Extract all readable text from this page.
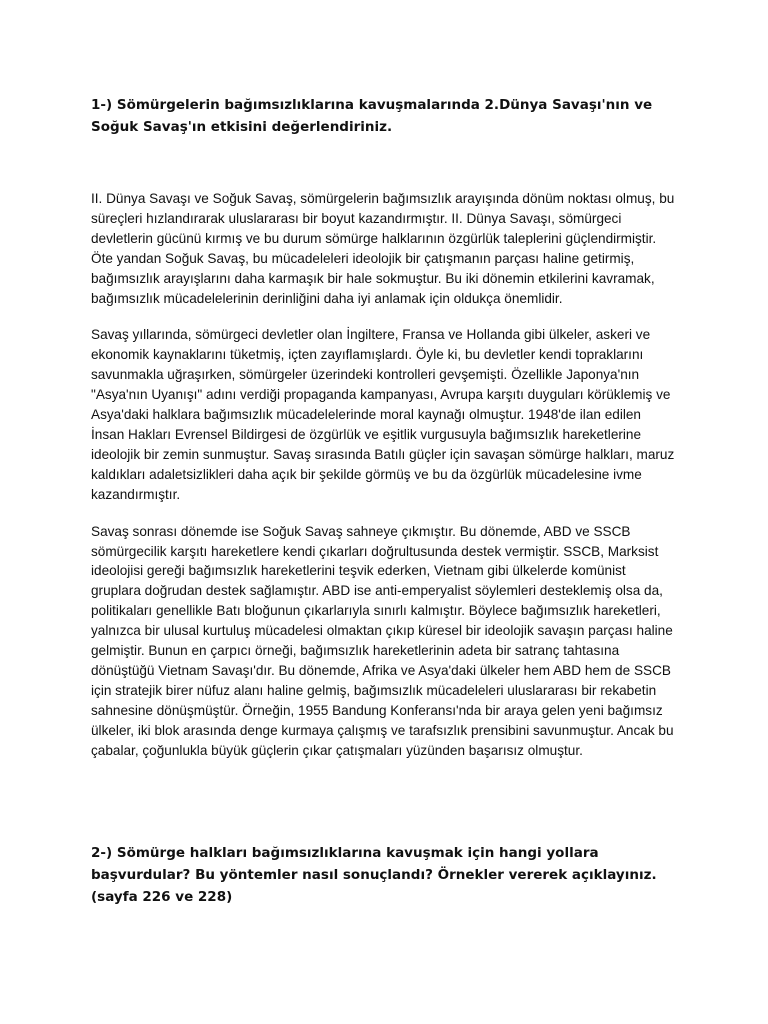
1-) Sömürgelerin bağımsızlıklarına kavuşmalarında 2.Dünya Savaşı'nın ve Soğuk Savaş'ın etkisini değerlendiriniz.

II. Dünya Savaşı ve Soğuk Savaş, sömürgelerin bağımsızlık arayışında dönüm noktası olmuş, bu süreçleri hızlandırarak uluslararası bir boyut kazandırmıştır. II. Dünya Savaşı, sömürgeci devletlerin gücünü kırmış ve bu durum sömürge halklarının özgürlük taleplerini güçlendirmiştir. Öte yandan Soğuk Savaş, bu mücadeleleri ideolojik bir çatışmanın parçası haline getirmiş, bağımsızlık arayışlarını daha karmaşık bir hale sokmuştur. Bu iki dönemin etkilerini kavramak, bağımsızlık mücadelelerinin derinliğini daha iyi anlamak için oldukça önemlidir.

Savaş yıllarında, sömürgeci devletler olan İngiltere, Fransa ve Hollanda gibi ülkeler, askeri ve ekonomik kaynaklarını tüketmiş, içten zayıflamışlardı. Öyle ki, bu devletler kendi topraklarını savunmakla uğraşırken, sömürgeler üzerindeki kontrolleri gevşemişti. Özellikle Japonya'nın "Asya'nın Uyanışı" adını verdiği propaganda kampanyası, Avrupa karşıtı duyguları körüklemiş ve Asya'daki halklara bağımsızlık mücadelelerinde moral kaynağı olmuştur. 1948'de ilan edilen İnsan Hakları Evrensel Bildirgesi de özgürlük ve eşitlik vurgusuyla bağımsızlık hareketlerine ideolojik bir zemin sunmuştur. Savaş sırasında Batılı güçler için savaşan sömürge halkları, maruz kaldıkları adaletsizlikleri daha açık bir şekilde görmüş ve bu da özgürlük mücadelesine ivme kazandırmıştır.

Savaş sonrası dönemde ise Soğuk Savaş sahneye çıkmıştır. Bu dönemde, ABD ve SSCB sömürgecilik karşıtı hareketlere kendi çıkarları doğrultusunda destek vermiştir. SSCB, Marksist ideolojisi gereği bağımsızlık hareketlerini teşvik ederken, Vietnam gibi ülkelerde komünist gruplara doğrudan destek sağlamıştır. ABD ise anti-emperyalist söylemleri desteklemiş olsa da, politikaları genellikle Batı bloğunun çıkarlarıyla sınırlı kalmıştır. Böylece bağımsızlık hareketleri, yalnızca bir ulusal kurtuluş mücadelesi olmaktan çıkıp küresel bir ideolojik savaşın parçası haline gelmiştir. Bunun en çarpıcı örneği, bağımsızlık hareketlerinin adeta bir satranç tahtasına dönüştüğü Vietnam Savaşı'dır. Bu dönemde, Afrika ve Asya'daki ülkeler hem ABD hem de SSCB için stratejik birer nüfuz alanı haline gelmiş, bağımsızlık mücadeleleri uluslararası bir rekabetin sahnesine dönüşmüştür. Örneğin, 1955 Bandung Konferansı'nda bir araya gelen yeni bağımsız ülkeler, iki blok arasında denge kurmaya çalışmış ve tarafsızlık prensibini savunmuştur. Ancak bu çabalar, çoğunlukla büyük güçlerin çıkar çatışmaları yüzünden başarısız olmuştur.

2-) Sömürge halkları bağımsızlıklarına kavuşmak için hangi yollara başvurdular? Bu yöntemler nasıl sonuçlandı? Örnekler vererek açıklayınız. (sayfa 226 ve 228)
